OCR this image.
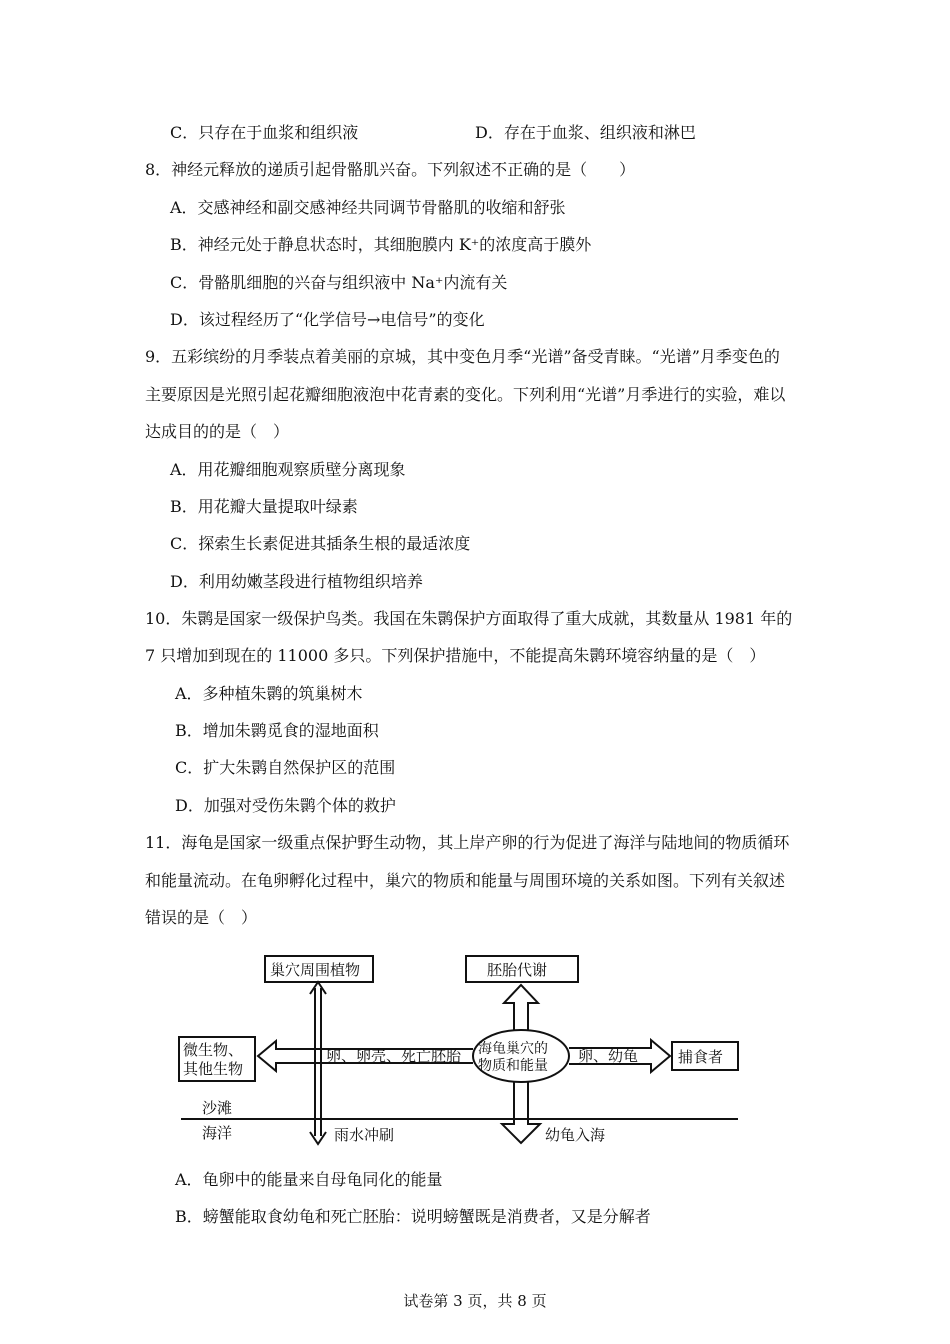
C．只存在于血浆和组织液	D．存在于血浆、组织液和淋巴
8．神经元释放的递质引起骨骼肌兴奋。下列叙述不正确的是（　　）
A．交感神经和副交感神经共同调节骨骼肌的收缩和舒张
B．神经元处于静息状态时，其细胞膜内 K⁺的浓度高于膜外
C．骨骼肌细胞的兴奋与组织液中 Na⁺内流有关
D．该过程经历了“化学信号→电信号”的变化
9．五彩缤纷的月季装点着美丽的京城，其中变色月季“光谱”备受青睐。“光谱”月季变色的
主要原因是光照引起花瓣细胞液泡中花青素的变化。下列利用“光谱”月季进行的实验，难以
达成目的的是（　）
A．用花瓣细胞观察质壁分离现象
B．用花瓣大量提取叶绿素
C．探索生长素促进其插条生根的最适浓度
D．利用幼嫩茎段进行植物组织培养
10．朱鹮是国家一级保护鸟类。我国在朱鹮保护方面取得了重大成就，其数量从 1981 年的
7 只增加到现在的 11000 多只。下列保护措施中，不能提高朱鹮环境容纳量的是（　）
A．多种植朱鹮的筑巢树木
B．增加朱鹮觅食的湿地面积
C．扩大朱鹮自然保护区的范围
D．加强对受伤朱鹮个体的救护
11．海龟是国家一级重点保护野生动物，其上岸产卵的行为促进了海洋与陆地间的物质循环
和能量流动。在龟卵孵化过程中，巢穴的物质和能量与周围环境的关系如图。下列有关叙述
错误的是（　）
巢穴周围植物	胚胎代谢
微生物、
其他生物
海龟巢穴的
物质和能量
卵、卵壳、死亡胚胎	卵、幼龟	捕食者
沙滩
海洋	雨水冲刷	幼龟入海
A．龟卵中的能量来自母龟同化的能量
B．螃蟹能取食幼龟和死亡胚胎：说明螃蟹既是消费者，又是分解者
试卷第 3 页，共 8 页
